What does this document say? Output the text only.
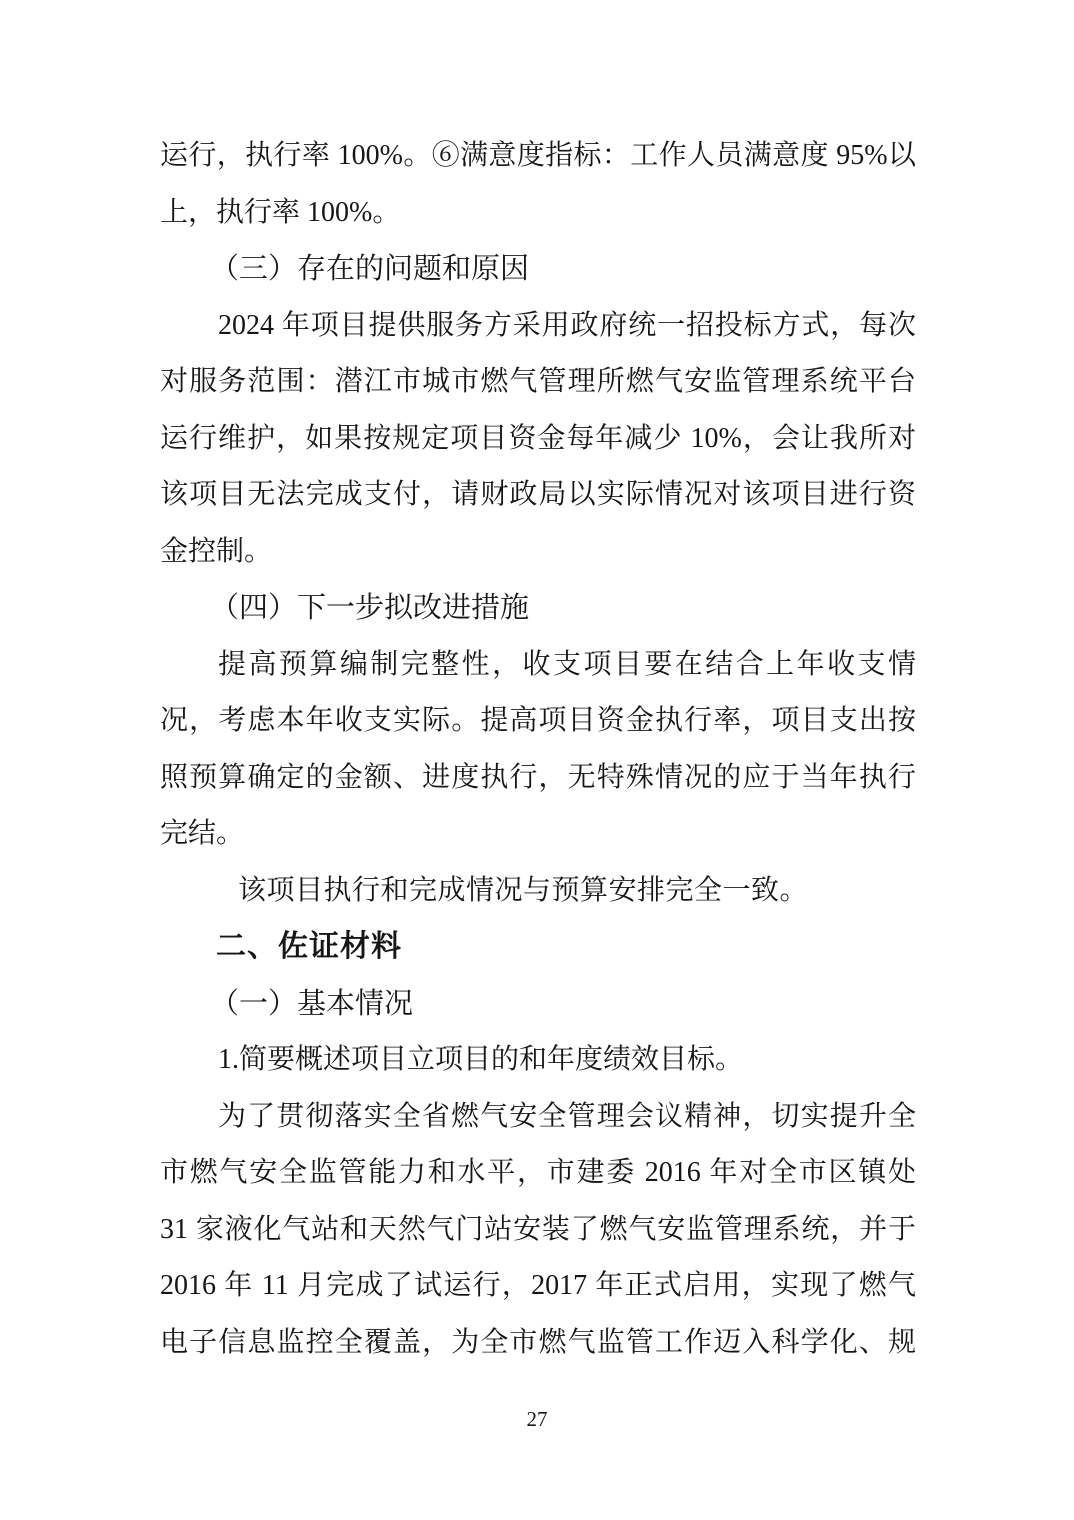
运行，执行率 100%。⑥满意度指标：工作人员满意度 95%以
上，执行率 100%。
（三）存在的问题和原因
2024 年项目提供服务方采用政府统一招投标方式，每次
对服务范围：潜江市城市燃气管理所燃气安监管理系统平台
运行维护，如果按规定项目资金每年减少 10%，会让我所对
该项目无法完成支付，请财政局以实际情况对该项目进行资
金控制。
（四）下一步拟改进措施
提高预算编制完整性，收支项目要在结合上年收支情
况，考虑本年收支实际。提高项目资金执行率，项目支出按
照预算确定的金额、进度执行，无特殊情况的应于当年执行
完结。
该项目执行和完成情况与预算安排完全一致。
二、佐证材料
（一）基本情况
1.简要概述项目立项目的和年度绩效目标。
为了贯彻落实全省燃气安全管理会议精神，切实提升全
市燃气安全监管能力和水平，市建委 2016 年对全市区镇处
31 家液化气站和天然气门站安装了燃气安监管理系统，并于
2016 年 11 月完成了试运行，2017 年正式启用，实现了燃气
电子信息监控全覆盖，为全市燃气监管工作迈入科学化、规
27
